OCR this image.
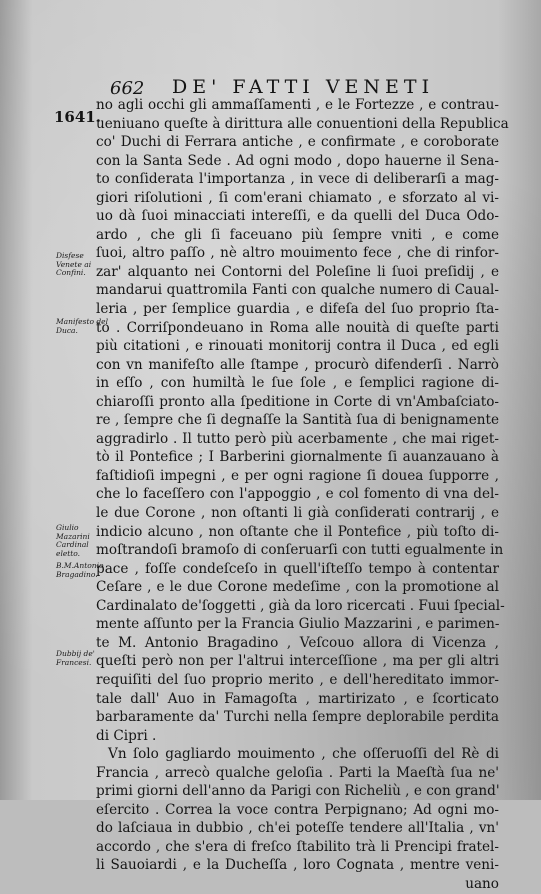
662 DE' FATTI VENETI
1641.
Disfese Venete ai Confini.
Manifesto del Duca.
Giulio Mazarini Cardinal eletto.
B.M.Antonio Bragadino.
Dubbij de' Francesi.
no agli occhi gli ammaſſamenti , e le Fortezze , e contrau-
ueniuano queſte à dirittura alle conuentioni della Republica
co' Duchi di Ferrara antiche , e confirmate , e coroborate
con la Santa Sede . Ad ogni modo , dopo hauerne il Sena-
to conſiderata l'importanza , in vece di deliberarſi a mag-
giori riſolutioni , ſi com'erani chiamato , e sforzato al vi-
uo dà ſuoi minacciati intereſſi, e da quelli del Duca Odo-
ardo , che gli ſi faceuano più ſempre vniti , e come
ſuoi, altro paſſo , nè altro mouimento fece , che di rinfor-
zar' alquanto nei Contorni del Poleſine li ſuoi preſidij , e
mandarui quattromila Fanti con qualche numero di Caual-
leria , per ſemplice guardia , e difeſa del ſuo proprio ſta-
to . Corriſpondeuano in Roma alle nouità di queſte parti
più citationi , e rinouati monitorij contra il Duca , ed egli
con vn manifeſto alle ſtampe , procurò difenderſi . Narrò
in eſſo , con humiltà le ſue ſole , e ſemplici ragione di-
chiaroſſi pronto alla ſpeditione in Corte di vn'Ambaſciato-
re , ſempre che ſi degnaſſe la Santità ſua di benignamente
aggradirlo . Il tutto però più acerbamente , che mai riget-
tò il Pontefice ; I Barberini giornalmente ſi auanzauano à
faſtidioſi impegni , e per ogni ragione ſi doueа ſupporre ,
che lo faceſſero con l'appoggio , e col fomento di vna del-
le due Corone , non oſtanti li già conſiderati contrarij , e
indicio alcuno , non oſtante che il Pontefice , più toſto di-
moſtrandoſi bramoſo di conſeruarſi con tutti egualmente in
pace , foſſe condeſceſo in quell'iſteſſo tempo à contentar
Ceſare , e le due Corone medeſime , con la promotione al
Cardinalato de'ſoggetti , già da loro ricercati . Fuui ſpecial-
mente aſſunto per la Francia Giulio Mazzarini , e parimen-
te M. Antonio Bragadino , Veſcouo allora di Vicenza ,
queſti però non per l'altrui interceſſione , ma per gli altri
requiſiti del ſuo proprio merito , e dell'hereditato immor-
tale dall' Auo in Famagoſta , martirizato , e ſcorticato
barbaramente da' Turchi nella ſempre deplorabile perdita
di Cipri .
Vn ſolo gagliardo mouimento , che oſſeruoſſi del Rè di
Francia , arrecò qualche geloſia . Parti la Maeſtà ſua ne'
primi giorni dell'anno da Parigi con Richeliù , e con grand'
eſercito . Correa la voce contra Perpignano; Ad ogni mo-
do laſciaua in dubbio , ch'ei poteſſe tendere all'Italia , vn'
accordo , che s'era di freſco ſtabilito trà li Prencipi fratel-
li Sauoiardi , e la Ducheſſa , loro Cognata , mentre veni-
uano
